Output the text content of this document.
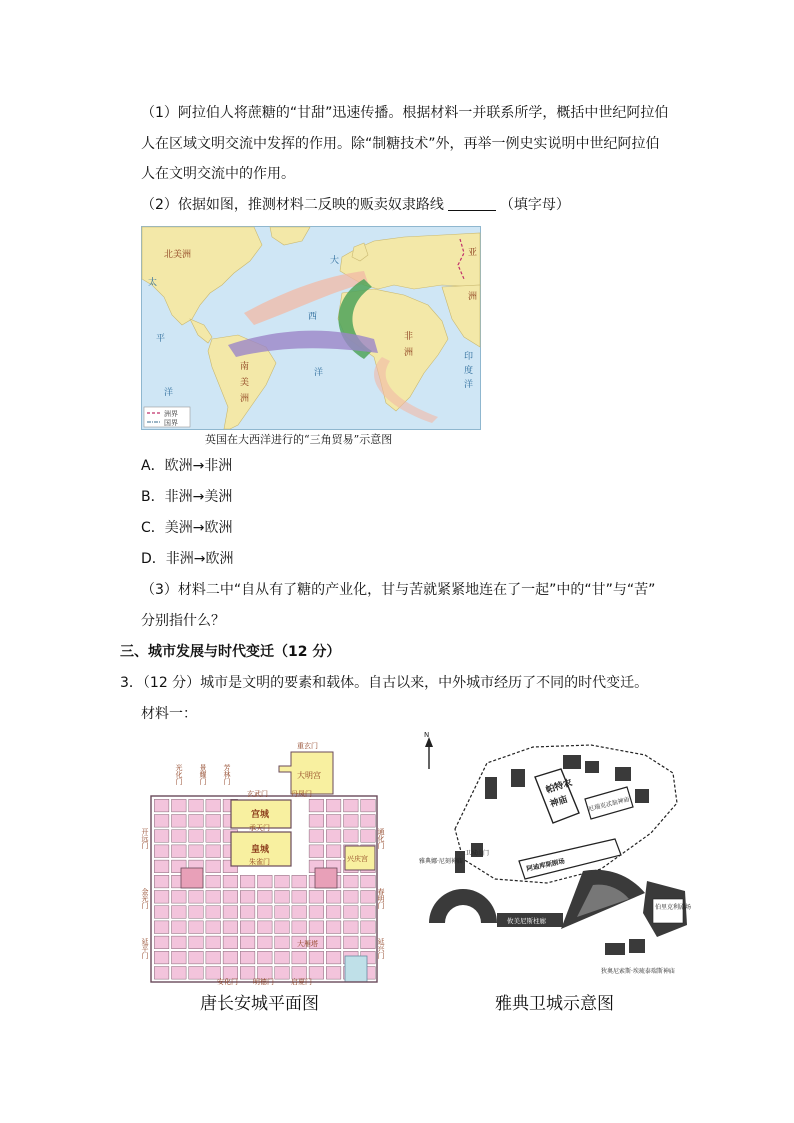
（1）阿拉伯人将蔗糖的“甘甜”迅速传播。根据材料一并联系所学，概括中世纪阿拉伯
人在区域文明交流中发挥的作用。除“制糖技术”外，再举一例史实说明中世纪阿拉伯
人在文明交流中的作用。
（2）依据如图，推测材料二反映的贩卖奴隶路线	（填字母）
北美洲
南
美
洲
非
洲
大
西
洋
太
平
洋
印
度
洋
亚
洲
洲界
国界
英国在大西洋进行的“三角贸易”示意图
A．欧洲→非洲
B．非洲→美洲
C．美洲→欧洲
D．非洲→欧洲
（3）材料二中“自从有了糖的产业化，甘与苦就紧紧地连在了一起”中的“甘”与“苦”
分别指什么？
三、城市发展与时代变迁（12 分）
3．（12 分）城市是文明的要素和载体。自古以来，中外城市经历了不同的时代变迁。
材料一：
重玄门
大明宫
玄武门	丹凤门
宫城
承天门
皇城
朱雀门	兴庆宫
大雁塔
安化门 明德门 启夏门
通化门
春明门
延兴门
开远门
金光门
延平门
光化门 景耀门 芳林门
唐长安城平面图
N
帕特农
神庙	厄瑞克忒翁神庙
阿迪库斯剧场
卫城山门
雅典娜·尼刻神庙
攸美尼斯柱廊
伯里克利剧场
狄奥尼索斯·埃琉泰瑞斯神庙
雅典卫城示意图
